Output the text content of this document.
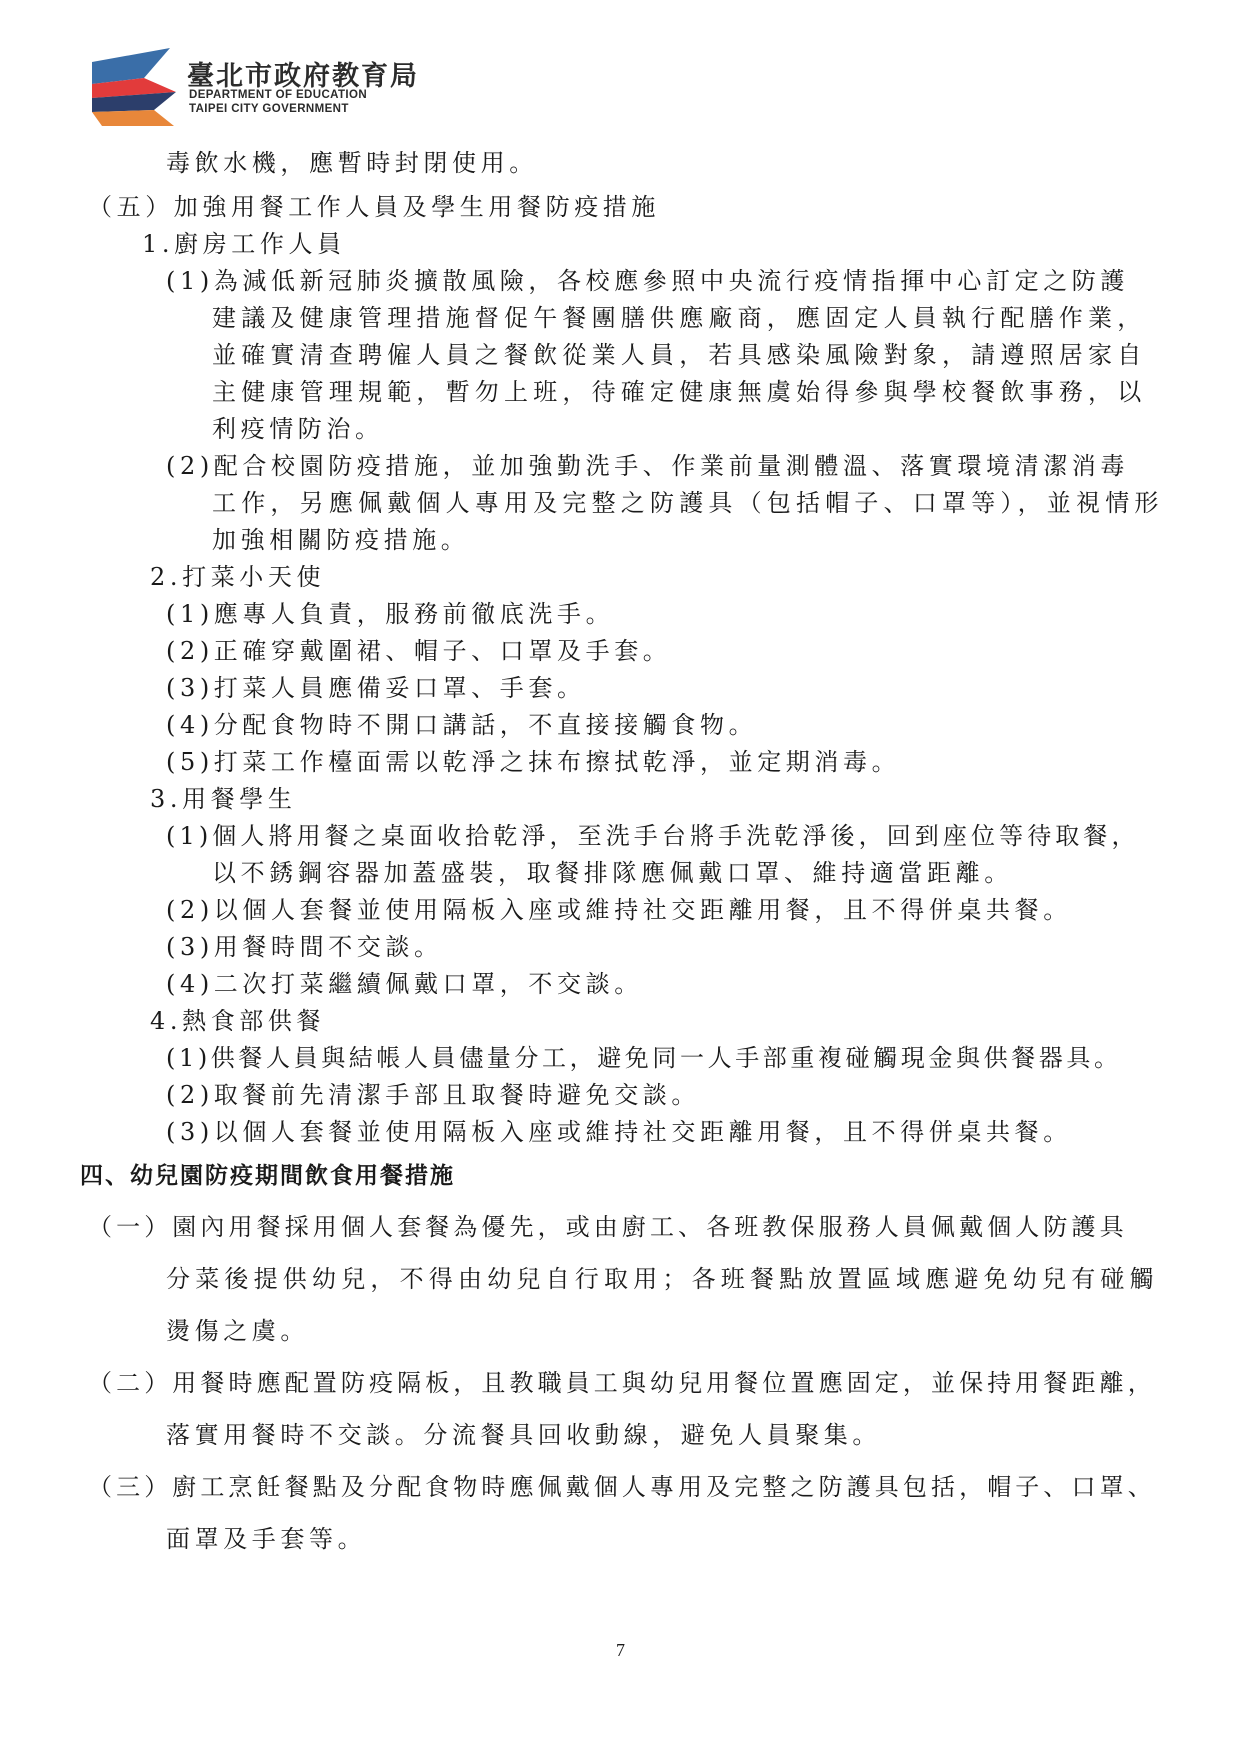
臺北市政府教育局
DEPARTMENT OF EDUCATION
TAIPEI CITY GOVERNMENT
毒飲水機，應暫時封閉使用。
（五）加強用餐工作人員及學生用餐防疫措施
1.廚房工作人員
(1)為減低新冠肺炎擴散風險，各校應參照中央流行疫情指揮中心訂定之防護
建議及健康管理措施督促午餐團膳供應廠商，應固定人員執行配膳作業，
並確實清查聘僱人員之餐飲從業人員，若具感染風險對象，請遵照居家自
主健康管理規範，暫勿上班，待確定健康無虞始得參與學校餐飲事務，以
利疫情防治。
(2)配合校園防疫措施，並加強勤洗手、作業前量測體溫、落實環境清潔消毒
工作，另應佩戴個人專用及完整之防護具（包括帽子、口罩等），並視情形
加強相關防疫措施。
2.打菜小天使
(1)應專人負責，服務前徹底洗手。
(2)正確穿戴圍裙、帽子、口罩及手套。
(3)打菜人員應備妥口罩、手套。
(4)分配食物時不開口講話，不直接接觸食物。
(5)打菜工作檯面需以乾淨之抹布擦拭乾淨，並定期消毒。
3.用餐學生
(1)個人將用餐之桌面收拾乾淨，至洗手台將手洗乾淨後，回到座位等待取餐，
以不銹鋼容器加蓋盛裝，取餐排隊應佩戴口罩、維持適當距離。
(2)以個人套餐並使用隔板入座或維持社交距離用餐，且不得併桌共餐。
(3)用餐時間不交談。
(4)二次打菜繼續佩戴口罩，不交談。
4.熱食部供餐
(1)供餐人員與結帳人員儘量分工，避免同一人手部重複碰觸現金與供餐器具。
(2)取餐前先清潔手部且取餐時避免交談。
(3)以個人套餐並使用隔板入座或維持社交距離用餐，且不得併桌共餐。
四、幼兒園防疫期間飲食用餐措施
（一）園內用餐採用個人套餐為優先，或由廚工、各班教保服務人員佩戴個人防護具
分菜後提供幼兒，不得由幼兒自行取用；各班餐點放置區域應避免幼兒有碰觸
燙傷之虞。
（二）用餐時應配置防疫隔板，且教職員工與幼兒用餐位置應固定，並保持用餐距離，
落實用餐時不交談。分流餐具回收動線，避免人員聚集。
（三）廚工烹飪餐點及分配食物時應佩戴個人專用及完整之防護具包括，帽子、口罩、
面罩及手套等。
7
